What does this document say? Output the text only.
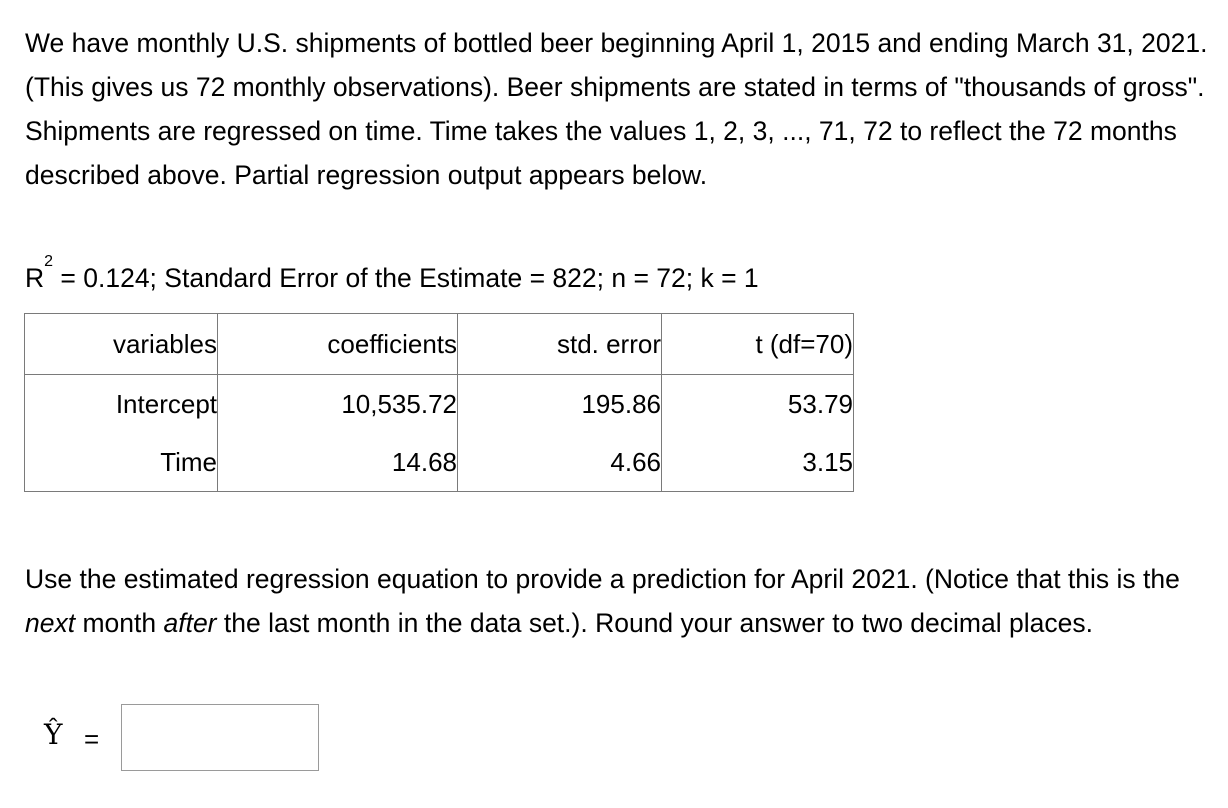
We have monthly U.S. shipments of bottled beer beginning April 1, 2015 and ending March 31, 2021. (This gives us 72 monthly observations). Beer shipments are stated in terms of "thousands of gross". Shipments are regressed on time. Time takes the values 1, 2, 3, ..., 71, 72 to reflect the 72 months described above. Partial regression output appears below.
$R^2 = 0.124$; Standard Error of the Estimate = 822; n = 72; k = 1
variables	coefficients	std. error	t (df=70)
Intercept	10,535.72	195.86	53.79
Time	14.68	4.66	3.15
Use the estimated regression equation to provide a prediction for April 2021. (Notice that this is the next month after the last month in the data set.). Round your answer to two decimal places.
Ŷ =
